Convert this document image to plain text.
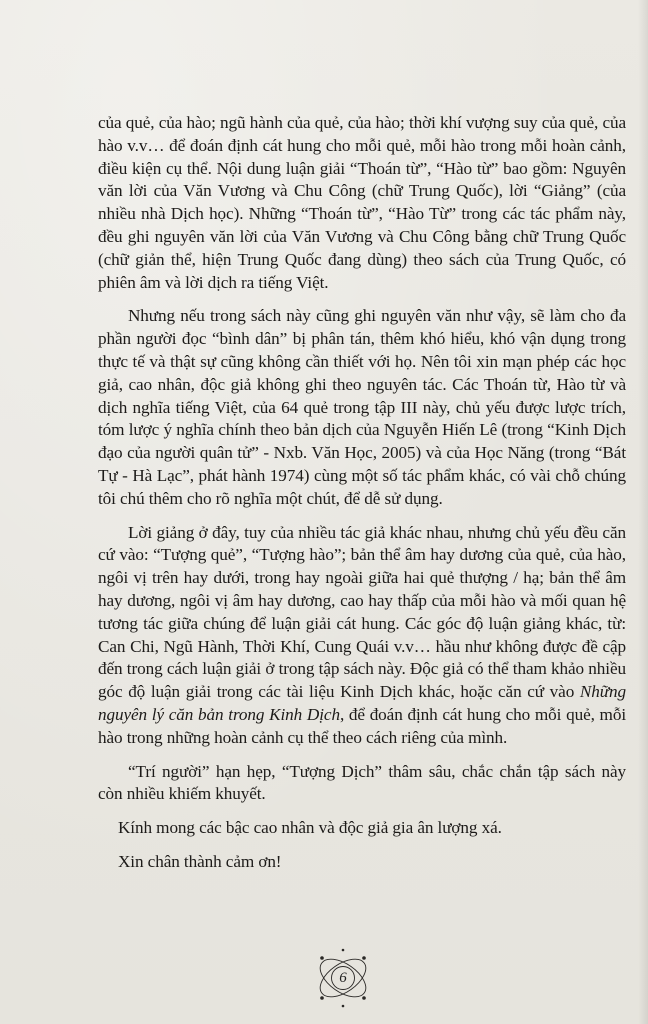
của quẻ, của hào; ngũ hành của quẻ, của hào; thời khí vượng suy của quẻ, của hào v.v… để đoán định cát hung cho mỗi quẻ, mỗi hào trong mỗi hoàn cảnh, điều kiện cụ thể. Nội dung luận giải “Thoán từ”, “Hào từ” bao gồm: Nguyên văn lời của Văn Vương và Chu Công (chữ Trung Quốc), lời “Giảng” (của nhiều nhà Dịch học). Những “Thoán từ”, “Hào Từ” trong các tác phẩm này, đều ghi nguyên văn lời của Văn Vương và Chu Công bằng chữ Trung Quốc (chữ giản thể, hiện Trung Quốc đang dùng) theo sách của Trung Quốc, có phiên âm và lời dịch ra tiếng Việt.

Nhưng nếu trong sách này cũng ghi nguyên văn như vậy, sẽ làm cho đa phần người đọc “bình dân” bị phân tán, thêm khó hiểu, khó vận dụng trong thực tế và thật sự cũng không cần thiết với họ. Nên tôi xin mạn phép các học giả, cao nhân, độc giả không ghi theo nguyên tác. Các Thoán từ, Hào từ và dịch nghĩa tiếng Việt, của 64 quẻ trong tập III này, chủ yếu được lược trích, tóm lược ý nghĩa chính theo bản dịch của Nguyễn Hiến Lê (trong “Kinh Dịch đạo của người quân tử” - Nxb. Văn Học, 2005) và của Học Năng (trong “Bát Tự - Hà Lạc”, phát hành 1974) cùng một số tác phẩm khác, có vài chỗ chúng tôi chú thêm cho rõ nghĩa một chút, để dễ sử dụng.

Lời giảng ở đây, tuy của nhiều tác giả khác nhau, nhưng chủ yếu đều căn cứ vào: “Tượng quẻ”, “Tượng hào”; bản thể âm hay dương của quẻ, của hào, ngôi vị trên hay dưới, trong hay ngoài giữa hai quẻ thượng / hạ; bản thể âm hay dương, ngôi vị âm hay dương, cao hay thấp của mỗi hào và mối quan hệ tương tác giữa chúng để luận giải cát hung. Các góc độ luận giảng khác, từ: Can Chi, Ngũ Hành, Thời Khí, Cung Quái v.v… hầu như không được đề cập đến trong cách luận giải ở trong tập sách này. Độc giả có thể tham khảo nhiều góc độ luận giải trong các tài liệu Kinh Dịch khác, hoặc căn cứ vào Những nguyên lý căn bản trong Kinh Dịch, để đoán định cát hung cho mỗi quẻ, mỗi hào trong những hoàn cảnh cụ thể theo cách riêng của mình.

“Trí người” hạn hẹp, “Tượng Dịch” thâm sâu, chắc chắn tập sách này còn nhiều khiếm khuyết.

Kính mong các bậc cao nhân và độc giả gia ân lượng xá.

Xin chân thành cảm ơn!

6
